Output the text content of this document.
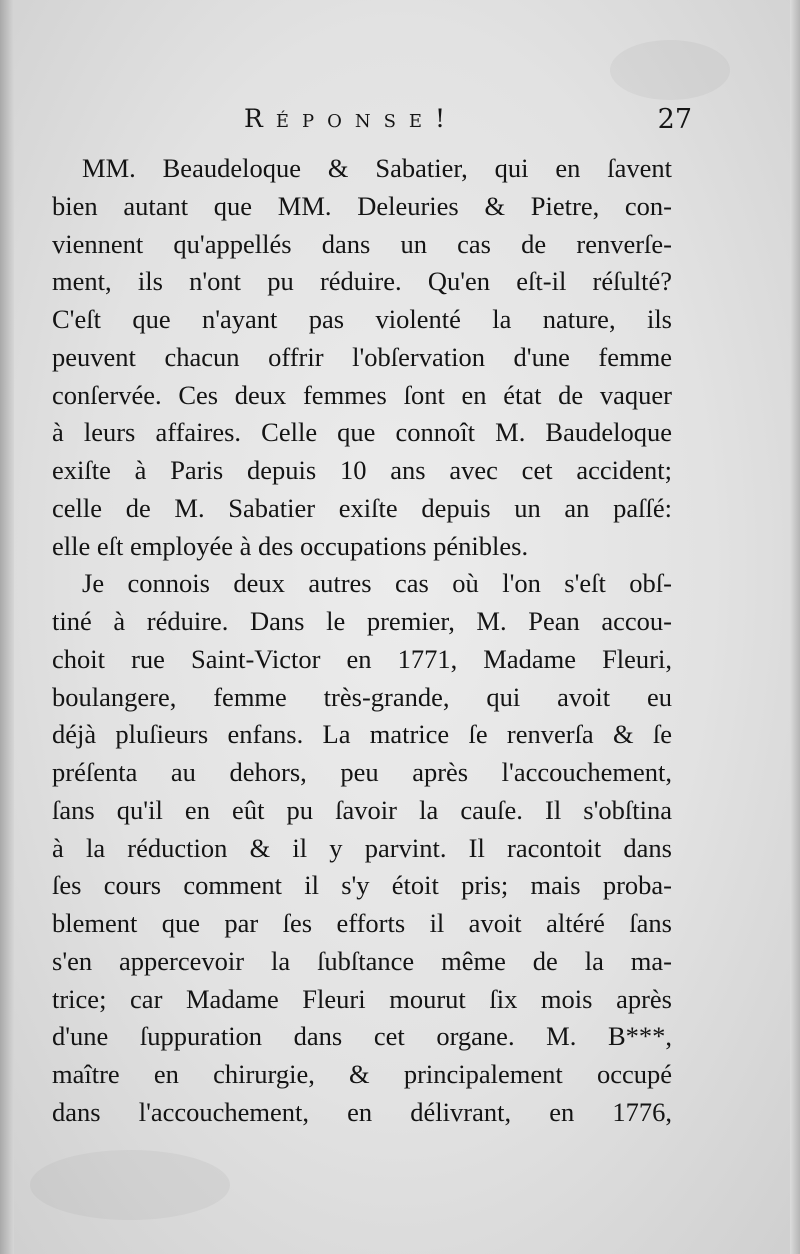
Réponse!	27
MM. Beaudeloque & Sabatier, qui en ſavent
bien autant que MM. Deleuries & Pietre, con-
viennent qu'appellés dans un cas de renverſe-
ment, ils n'ont pu réduire. Qu'en eſt-il réſulté?
C'eſt que n'ayant pas violenté la nature, ils
peuvent chacun offrir l'obſervation d'une femme
conſervée. Ces deux femmes ſont en état de vaquer
à leurs affaires. Celle que connoît M. Baudeloque
exiſte à Paris depuis 10 ans avec cet accident;
celle de M. Sabatier exiſte depuis un an paſſé:
elle eſt employée à des occupations pénibles.
Je connois deux autres cas où l'on s'eſt obſ-
tiné à réduire. Dans le premier, M. Pean accou-
choit rue Saint-Victor en 1771, Madame Fleuri,
boulangere, femme très-grande, qui avoit eu
déjà pluſieurs enfans. La matrice ſe renverſa & ſe
préſenta au dehors, peu après l'accouchement,
ſans qu'il en eût pu ſavoir la cauſe. Il s'obſtina
à la réduction & il y parvint. Il racontoit dans
ſes cours comment il s'y étoit pris; mais proba-
blement que par ſes efforts il avoit altéré ſans
s'en appercevoir la ſubſtance même de la ma-
trice; car Madame Fleuri mourut ſix mois après
d'une ſuppuration dans cet organe. M. B***,
maître en chirurgie, & principalement occupé
dans l'accouchement, en délivrant, en 1776,
